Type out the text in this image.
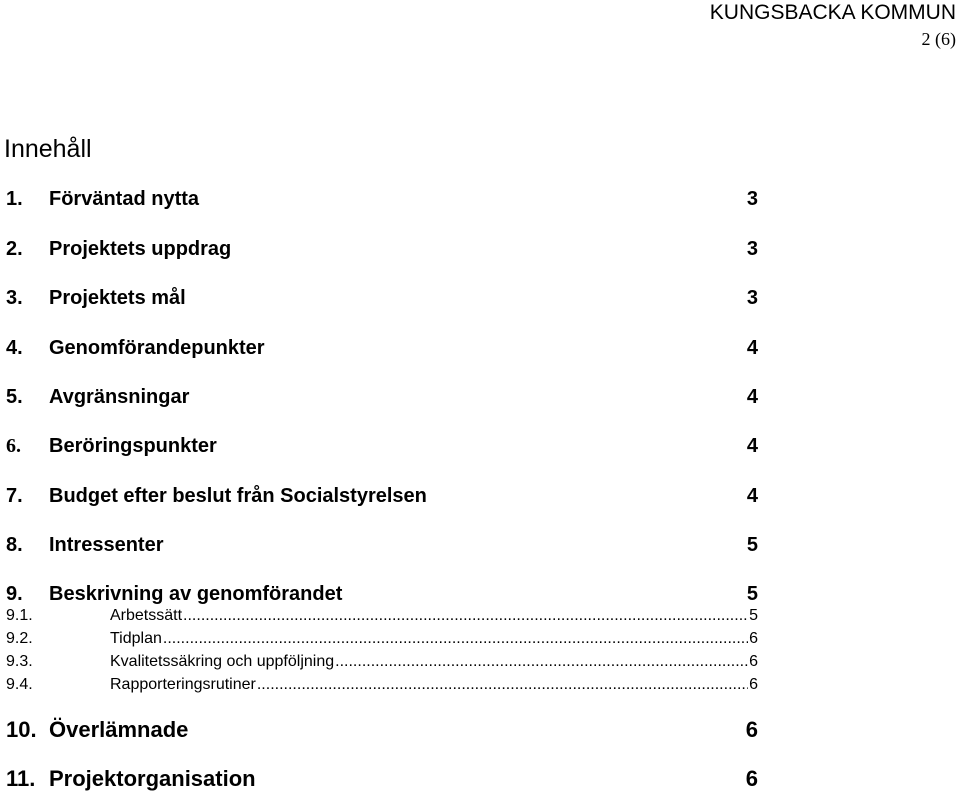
KUNGSBACKA KOMMUN
2 (6)
Innehåll
1. Förväntad nytta	3
2. Projektets uppdrag	3
3. Projektets mål	3
4. Genomförandepunkter	4
5. Avgränsningar	4
6. Beröringspunkter	4
7. Budget efter beslut från Socialstyrelsen	4
8. Intressenter	5
9. Beskrivning av genomförandet	5
9.1.	Arbetssätt .....	5
9.2.	Tidplan .....	6
9.3.	Kvalitetssäkring och uppföljning .....	6
9.4.	Rapporteringsrutiner .....	6
10. Överlämnade	6
11. Projektorganisation	6
